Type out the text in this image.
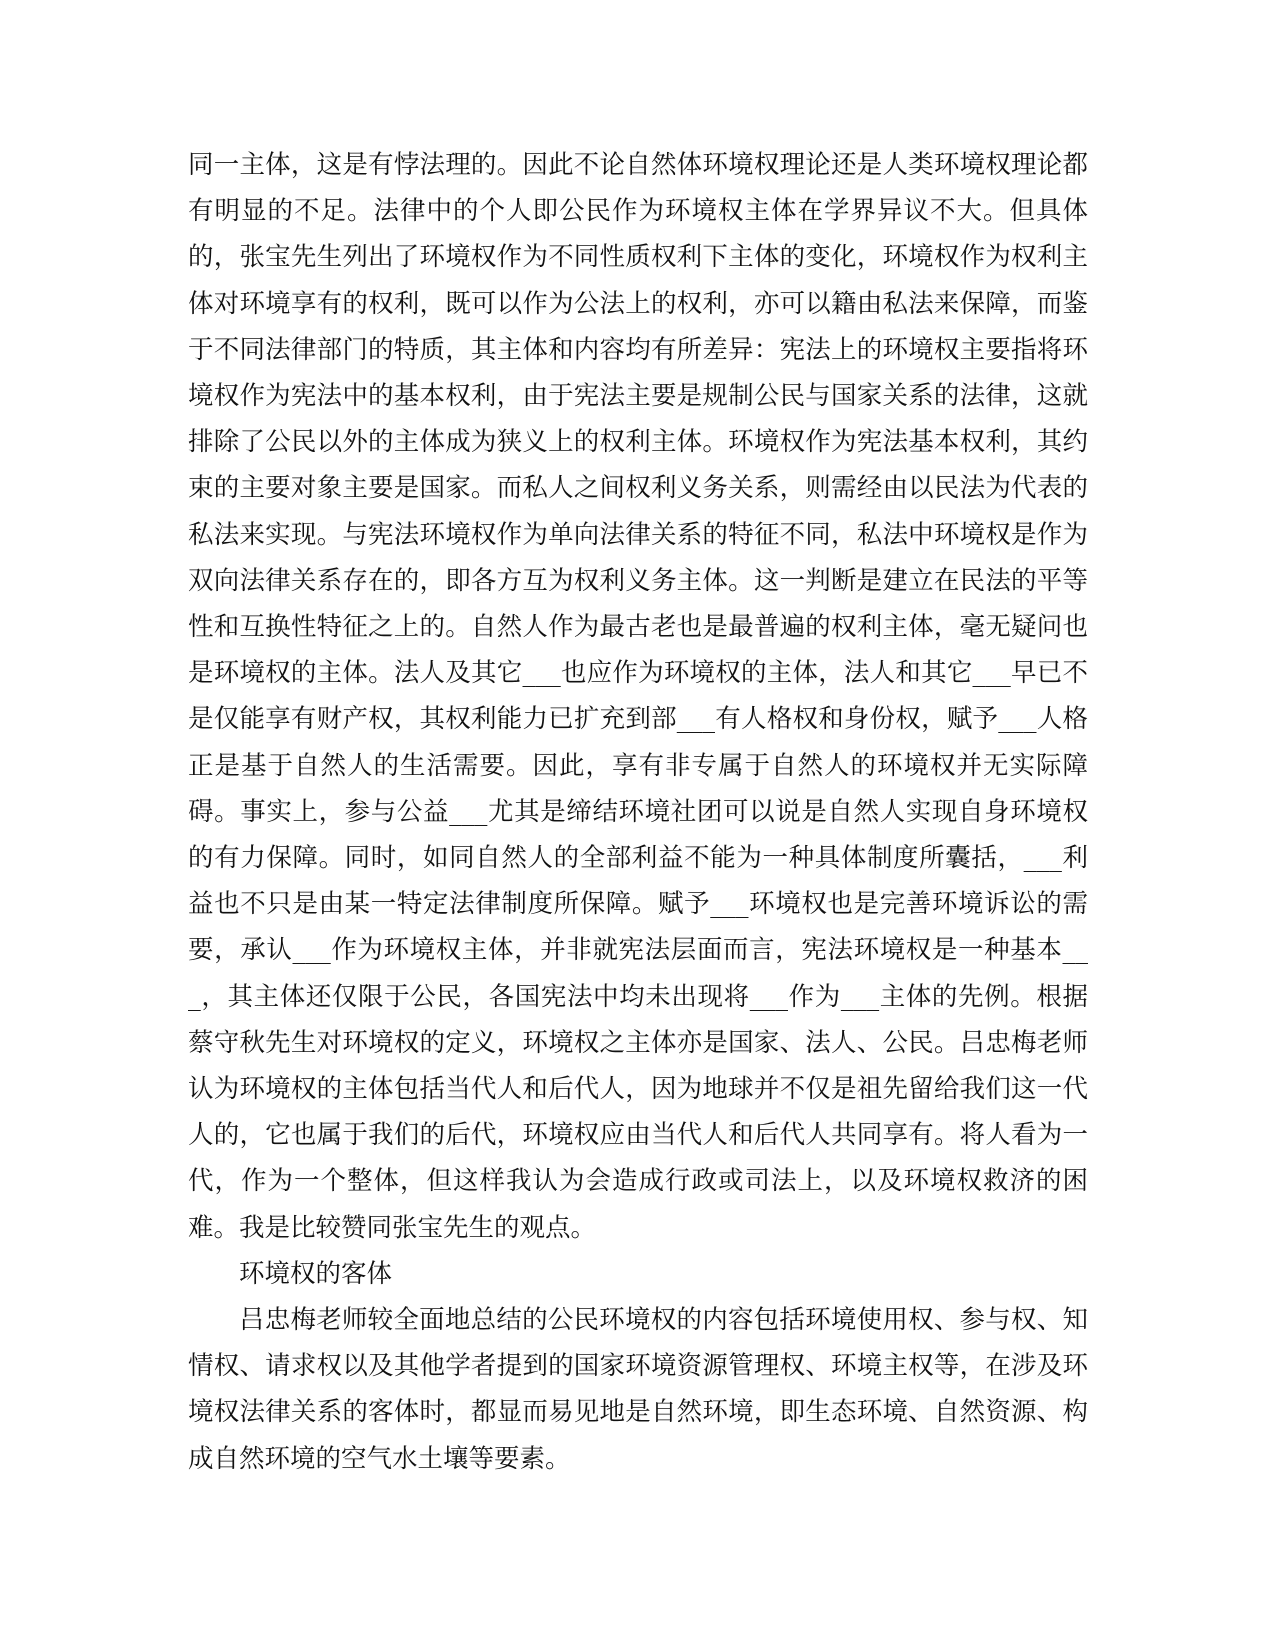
同一主体，这是有悖法理的。因此不论自然体环境权理论还是人类环境权理论都有明显的不足。法律中的个人即公民作为环境权主体在学界异议不大。但具体的，张宝先生列出了环境权作为不同性质权利下主体的变化，环境权作为权利主体对环境享有的权利，既可以作为公法上的权利，亦可以籍由私法来保障，而鉴于不同法律部门的特质，其主体和内容均有所差异：宪法上的环境权主要指将环境权作为宪法中的基本权利，由于宪法主要是规制公民与国家关系的法律，这就排除了公民以外的主体成为狭义上的权利主体。环境权作为宪法基本权利，其约束的主要对象主要是国家。而私人之间权利义务关系，则需经由以民法为代表的私法来实现。与宪法环境权作为单向法律关系的特征不同，私法中环境权是作为双向法律关系存在的，即各方互为权利义务主体。这一判断是建立在民法的平等性和互换性特征之上的。自然人作为最古老也是最普遍的权利主体，毫无疑问也是环境权的主体。法人及其它___也应作为环境权的主体，法人和其它___早已不是仅能享有财产权，其权利能力已扩充到部___有人格权和身份权，赋予___人格正是基于自然人的生活需要。因此，享有非专属于自然人的环境权并无实际障碍。事实上，参与公益___尤其是缔结环境社团可以说是自然人实现自身环境权的有力保障。同时，如同自然人的全部利益不能为一种具体制度所囊括，___利益也不只是由某一特定法律制度所保障。赋予___环境权也是完善环境诉讼的需要，承认___作为环境权主体，并非就宪法层面而言，宪法环境权是一种基本___，其主体还仅限于公民，各国宪法中均未出现将___作为___主体的先例。根据蔡守秋先生对环境权的定义，环境权之主体亦是国家、法人、公民。吕忠梅老师认为环境权的主体包括当代人和后代人，因为地球并不仅是祖先留给我们这一代人的，它也属于我们的后代，环境权应由当代人和后代人共同享有。将人看为一代，作为一个整体，但这样我认为会造成行政或司法上，以及环境权救济的困难。我是比较赞同张宝先生的观点。

环境权的客体

吕忠梅老师较全面地总结的公民环境权的内容包括环境使用权、参与权、知情权、请求权以及其他学者提到的国家环境资源管理权、环境主权等，在涉及环境权法律关系的客体时，都显而易见地是自然环境，即生态环境、自然资源、构成自然环境的空气水土壤等要素。
